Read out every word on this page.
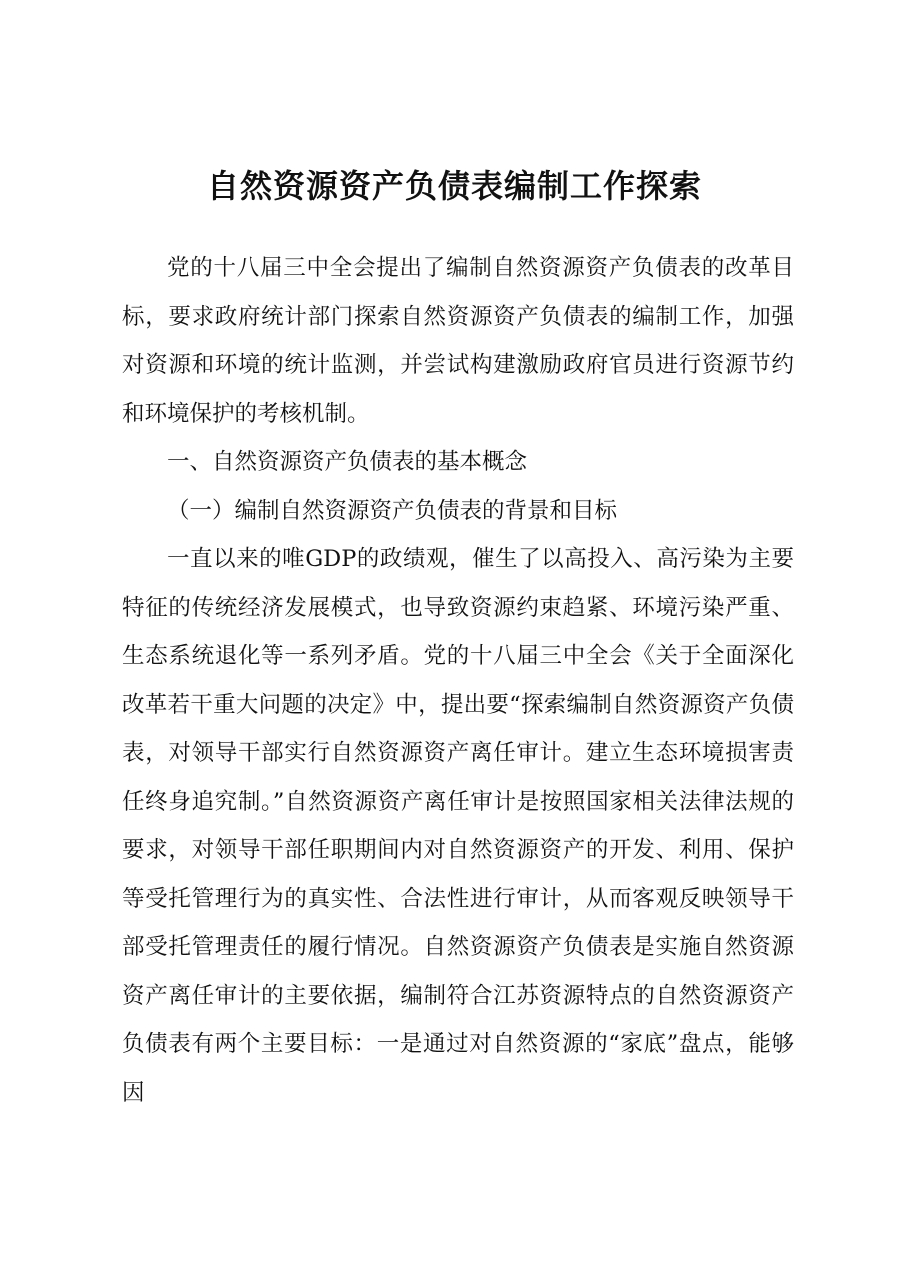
自然资源资产负债表编制工作探索

党的十八届三中全会提出了编制自然资源资产负债表的改革目标，要求政府统计部门探索自然资源资产负债表的编制工作，加强对资源和环境的统计监测，并尝试构建激励政府官员进行资源节约和环境保护的考核机制。

一、自然资源资产负债表的基本概念

（一）编制自然资源资产负债表的背景和目标

一直以来的唯GDP的政绩观，催生了以高投入、高污染为主要特征的传统经济发展模式，也导致资源约束趋紧、环境污染严重、生态系统退化等一系列矛盾。党的十八届三中全会《关于全面深化改革若干重大问题的决定》中，提出要“探索编制自然资源资产负债表，对领导干部实行自然资源资产离任审计。建立生态环境损害责任终身追究制。”自然资源资产离任审计是按照国家相关法律法规的要求，对领导干部任职期间内对自然资源资产的开发、利用、保护等受托管理行为的真实性、合法性进行审计，从而客观反映领导干部受托管理责任的履行情况。自然资源资产负债表是实施自然资源资产离任审计的主要依据，编制符合江苏资源特点的自然资源资产负债表有两个主要目标：一是通过对自然资源的“家底”盘点，能够因
